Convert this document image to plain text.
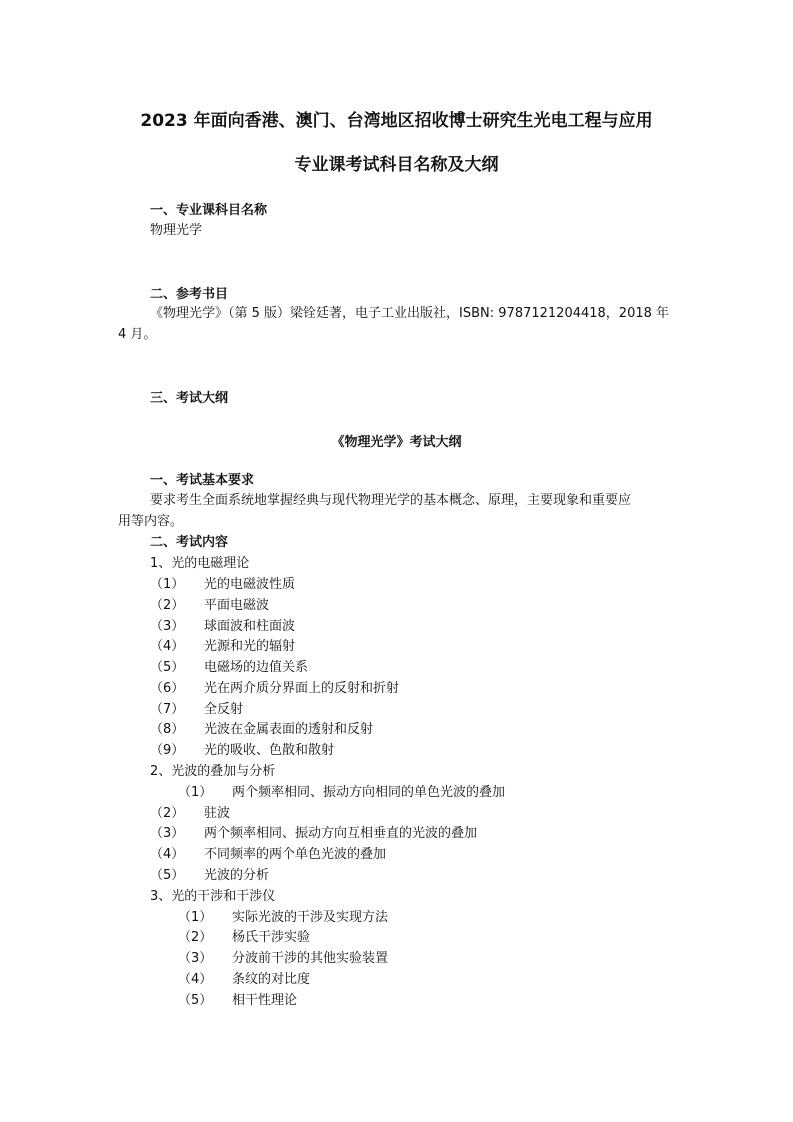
2023 年面向香港、澳门、台湾地区招收博士研究生光电工程与应用
专业课考试科目名称及大纲
一、专业课科目名称
物理光学
二、参考书目
《物理光学》（第 5 版）梁铨廷著，电子工业出版社，ISBN: 9787121204418，2018 年
4 月。
三、考试大纲
《物理光学》考试大纲
一、考试基本要求
要求考生全面系统地掌握经典与现代物理光学的基本概念、原理，主要现象和重要应
用等内容。
二、考试内容
1、光的电磁理论
（1） 光的电磁波性质
（2） 平面电磁波
（3） 球面波和柱面波
（4） 光源和光的辐射
（5） 电磁场的边值关系
（6） 光在两介质分界面上的反射和折射
（7） 全反射
（8） 光波在金属表面的透射和反射
（9） 光的吸收、色散和散射
2、光波的叠加与分析
（1） 两个频率相同、振动方向相同的单色光波的叠加
（2） 驻波
（3） 两个频率相同、振动方向互相垂直的光波的叠加
（4） 不同频率的两个单色光波的叠加
（5） 光波的分析
3、光的干涉和干涉仪
（1） 实际光波的干涉及实现方法
（2） 杨氏干涉实验
（3） 分波前干涉的其他实验装置
（4） 条纹的对比度
（5） 相干性理论
